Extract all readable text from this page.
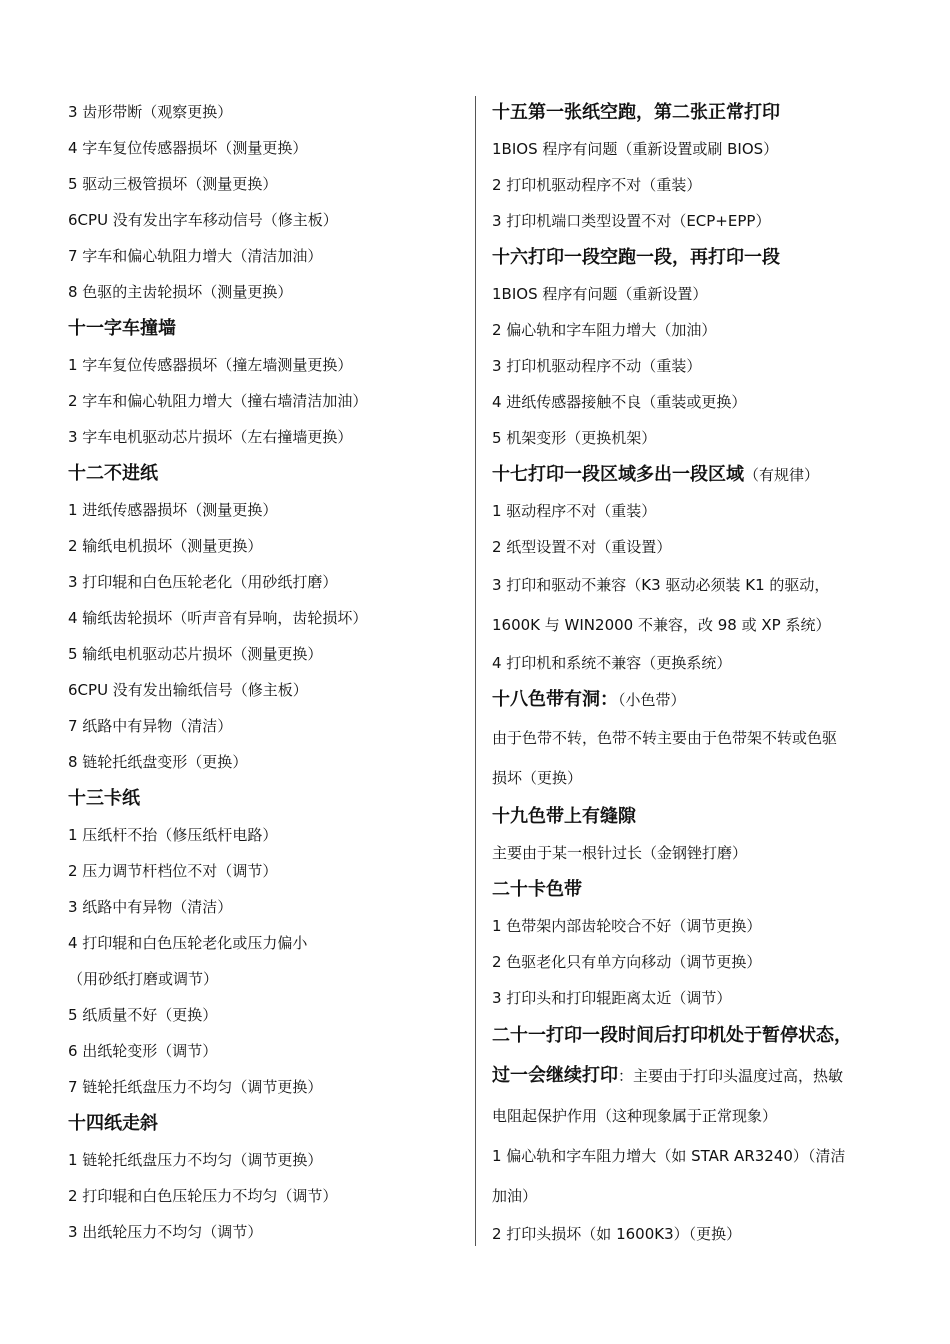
3 齿形带断（观察更换）
4 字车复位传感器损坏（测量更换）
5 驱动三极管损坏（测量更换）
6CPU 没有发出字车移动信号（修主板）
7 字车和偏心轨阻力增大（清洁加油）
8 色驱的主齿轮损坏（测量更换）
十一字车撞墙
1 字车复位传感器损坏（撞左墙测量更换）
2 字车和偏心轨阻力增大（撞右墙清洁加油）
3 字车电机驱动芯片损坏（左右撞墙更换）
十二不进纸
1 进纸传感器损坏（测量更换）
2 输纸电机损坏（测量更换）
3 打印辊和白色压轮老化（用砂纸打磨）
4 输纸齿轮损坏（听声音有异响，齿轮损坏）
5 输纸电机驱动芯片损坏（测量更换）
6CPU 没有发出输纸信号（修主板）
7 纸路中有异物（清洁）
8 链轮托纸盘变形（更换）
十三卡纸
1 压纸杆不抬（修压纸杆电路）
2 压力调节杆档位不对（调节）
3 纸路中有异物（清洁）
4 打印辊和白色压轮老化或压力偏小
（用砂纸打磨或调节）
5 纸质量不好（更换）
6 出纸轮变形（调节）
7 链轮托纸盘压力不均匀（调节更换）
十四纸走斜
1 链轮托纸盘压力不均匀（调节更换）
2 打印辊和白色压轮压力不均匀（调节）
3 出纸轮压力不均匀（调节）
十五第一张纸空跑，第二张正常打印
1BIOS 程序有问题（重新设置或刷 BIOS）
2 打印机驱动程序不对（重装）
3 打印机端口类型设置不对（ECP+EPP）
十六打印一段空跑一段，再打印一段
1BIOS 程序有问题（重新设置）
2 偏心轨和字车阻力增大（加油）
3 打印机驱动程序不动（重装）
4 进纸传感器接触不良（重装或更换）
5 机架变形（更换机架）
十七打印一段区域多出一段区域（有规律）
1 驱动程序不对（重装）
2 纸型设置不对（重设置）
3 打印和驱动不兼容（K3 驱动必须装 K1 的驱动，
1600K 与 WIN2000 不兼容，改 98 或 XP 系统）
4 打印机和系统不兼容（更换系统）
十八色带有洞：（小色带）
由于色带不转，色带不转主要由于色带架不转或色驱
损坏（更换）
十九色带上有缝隙
主要由于某一根针过长（金钢锉打磨）
二十卡色带
1 色带架内部齿轮咬合不好（调节更换）
2 色驱老化只有单方向移动（调节更换）
3 打印头和打印辊距离太近（调节）
二十一打印一段时间后打印机处于暂停状态，
过一会继续打印：主要由于打印头温度过高，热敏
电阻起保护作用（这种现象属于正常现象）
1 偏心轨和字车阻力增大（如 STAR AR3240）（清洁
加油）
2 打印头损坏（如 1600K3）（更换）
